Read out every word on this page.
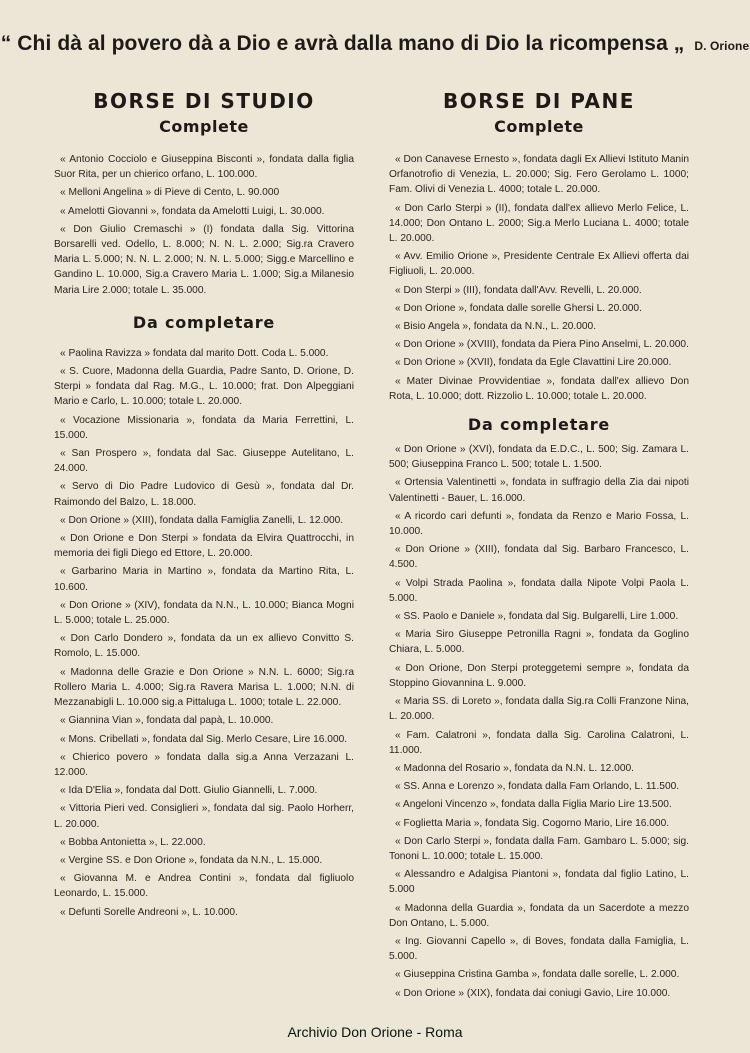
“ Chi dà al povero dà a Dio e avrà dalla mano di Dio la ricompensa „ D. Orione
BORSE DI STUDIO
Complete

« Antonio Cocciolo e Giuseppina Bisconti », fondata dalla figlia Suor Rita, per un chierico orfano, L. 100.000.

« Melloni Angelina » di Pieve di Cento, L. 90.000

« Amelotti Giovanni », fondata da Amelotti Luigi, L. 30.000.

« Don Giulio Cremaschi » (I) fondata dalla Sig. Vittorina Borsarelli ved. Odello, L. 8.000; N. N. L. 2.000; Sig.ra Cravero Maria L. 5.000; N. N. L. 2.000; N. N. L. 5.000; Sigg.e Marcellino e Gandino L. 10.000, Sig.a Cravero Maria L. 1.000; Sig.a Milanesio Maria Lire 2.000; totale L. 35.000.

Da completare

« Paolina Ravizza » fondata dal marito Dott. Coda L. 5.000.

« S. Cuore, Madonna della Guardia, Padre Santo, D. Orione, D. Sterpi » fondata dal Rag. M.G., L. 10.000; frat. Don Alpeggiani Mario e Carlo, L. 10.000; totale L. 20.000.

« Vocazione Missionaria », fondata da Maria Ferrettini, L. 15.000.

« San Prospero », fondata dal Sac. Giuseppe Autelitano, L. 24.000.

« Servo di Dio Padre Ludovico di Gesù », fondata dal Dr. Raimondo del Balzo, L. 18.000.

« Don Orione » (XIII), fondata dalla Famiglia Zanelli, L. 12.000.

« Don Orione e Don Sterpi » fondata da Elvira Quattrocchi, in memoria dei figli Diego ed Ettore, L. 20.000.

« Garbarino Maria in Martino », fondata da Martino Rita, L. 10.600.

« Don Orione » (XIV), fondata da N.N., L. 10.000; Bianca Mogni L. 5.000; totale L. 25.000.

« Don Carlo Dondero », fondata da un ex allievo Convitto S. Romolo, L. 15.000.

« Madonna delle Grazie e Don Orione » N.N. L. 6000; Sig.ra Rollero Maria L. 4.000; Sig.ra Ravera Marisa L. 1.000; N.N. di Mezzanabigli L. 10.000 sig.a Pittaluga L. 1000; totale L. 22.000.

« Giannina Vian », fondata dal papà, L. 10.000.

« Mons. Cribellati », fondata dal Sig. Merlo Cesare, Lire 16.000.

« Chierico povero » fondata dalla sig.a Anna Verzazani L. 12.000.

« Ida D'Elia », fondata dal Dott. Giulio Giannelli, L. 7.000.

« Vittoria Pieri ved. Consiglieri », fondata dal sig. Paolo Horherr, L. 20.000.

« Bobba Antonietta », L. 22.000.

« Vergine SS. e Don Orione », fondata da N.N., L. 15.000.

« Giovanna M. e Andrea Contini », fondata dal figliuolo Leonardo, L. 15.000.

« Defunti Sorelle Andreoni », L. 10.000.

BORSE DI PANE
Complete

« Don Canavese Ernesto », fondata dagli Ex Allievi Istituto Manin Orfanotrofio di Venezia, L. 20.000; Sig. Fero Gerolamo L. 1000; Fam. Olivi di Venezia L. 4000; totale L. 20.000.

« Don Carlo Sterpi » (II), fondata dall'ex allievo Merlo Felice, L. 14.000; Don Ontano L. 2000; Sig.a Merlo Luciana L. 4000; totale L. 20.000.

« Avv. Emilio Orione », Presidente Centrale Ex Allievi offerta dai Figliuoli, L. 20.000.

« Don Sterpi » (III), fondata dall'Avv. Revelli, L. 20.000.

« Don Orione », fondata dalle sorelle Ghersi L. 20.000.

« Bisio Angela », fondata da N.N., L. 20.000.

« Don Orione » (XVIII), fondata da Piera Pino Anselmi, L. 20.000.

« Don Orione » (XVII), fondata da Egle Clavattini Lire 20.000.

« Mater Divinae Provvidentiae », fondata dall'ex allievo Don Rota, L. 10.000; dott. Rizzolio L. 10.000; totale L. 20.000.

Da completare

« Don Orione » (XVI), fondata da E.D.C., L. 500; Sig. Zamara L. 500; Giuseppina Franco L. 500; totale L. 1.500.

« Ortensia Valentinetti », fondata in suffragio della Zia dai nipoti Valentinetti - Bauer, L. 16.000.

« A ricordo cari defunti », fondata da Renzo e Mario Fossa, L. 10.000.

« Don Orione » (XIII), fondata dal Sig. Barbaro Francesco, L. 4.500.

« Volpi Strada Paolina », fondata dalla Nipote Volpi Paola L. 5.000.

« SS. Paolo e Daniele », fondata dal Sig. Bulgarelli, Lire 1.000.

« Maria Siro Giuseppe Petronilla Ragni », fondata da Goglino Chiara, L. 5.000.

« Don Orione, Don Sterpi proteggetemi sempre », fondata da Stoppino Giovannina L. 9.000.

« Maria SS. di Loreto », fondata dalla Sig.ra Colli Franzone Nina, L. 20.000.

« Fam. Calatroni », fondata dalla Sig. Carolina Calatroni, L. 11.000.

« Madonna del Rosario », fondata da N.N. L. 12.000.

« SS. Anna e Lorenzo », fondata dalla Fam Orlando, L. 11.500.

« Angeloni Vincenzo », fondata dalla Figlia Mario Lire 13.500.

« Foglietta Maria », fondata Sig. Cogorno Mario, Lire 16.000.

« Don Carlo Sterpi », fondata dalla Fam. Gambaro L. 5.000; sig. Tononi L. 10.000; totale L. 15.000.

« Alessandro e Adalgisa Piantoni », fondata dal figlio Latino, L. 5.000

« Madonna della Guardia », fondata da un Sacerdote a mezzo Don Ontano, L. 5.000.

« Ing. Giovanni Capello », di Boves, fondata dalla Famiglia, L. 5.000.

« Giuseppina Cristina Gamba », fondata dalle sorelle, L. 2.000.

« Don Orione » (XIX), fondata dai coniugi Gavio, Lire 10.000.

Archivio Don Orione - Roma
